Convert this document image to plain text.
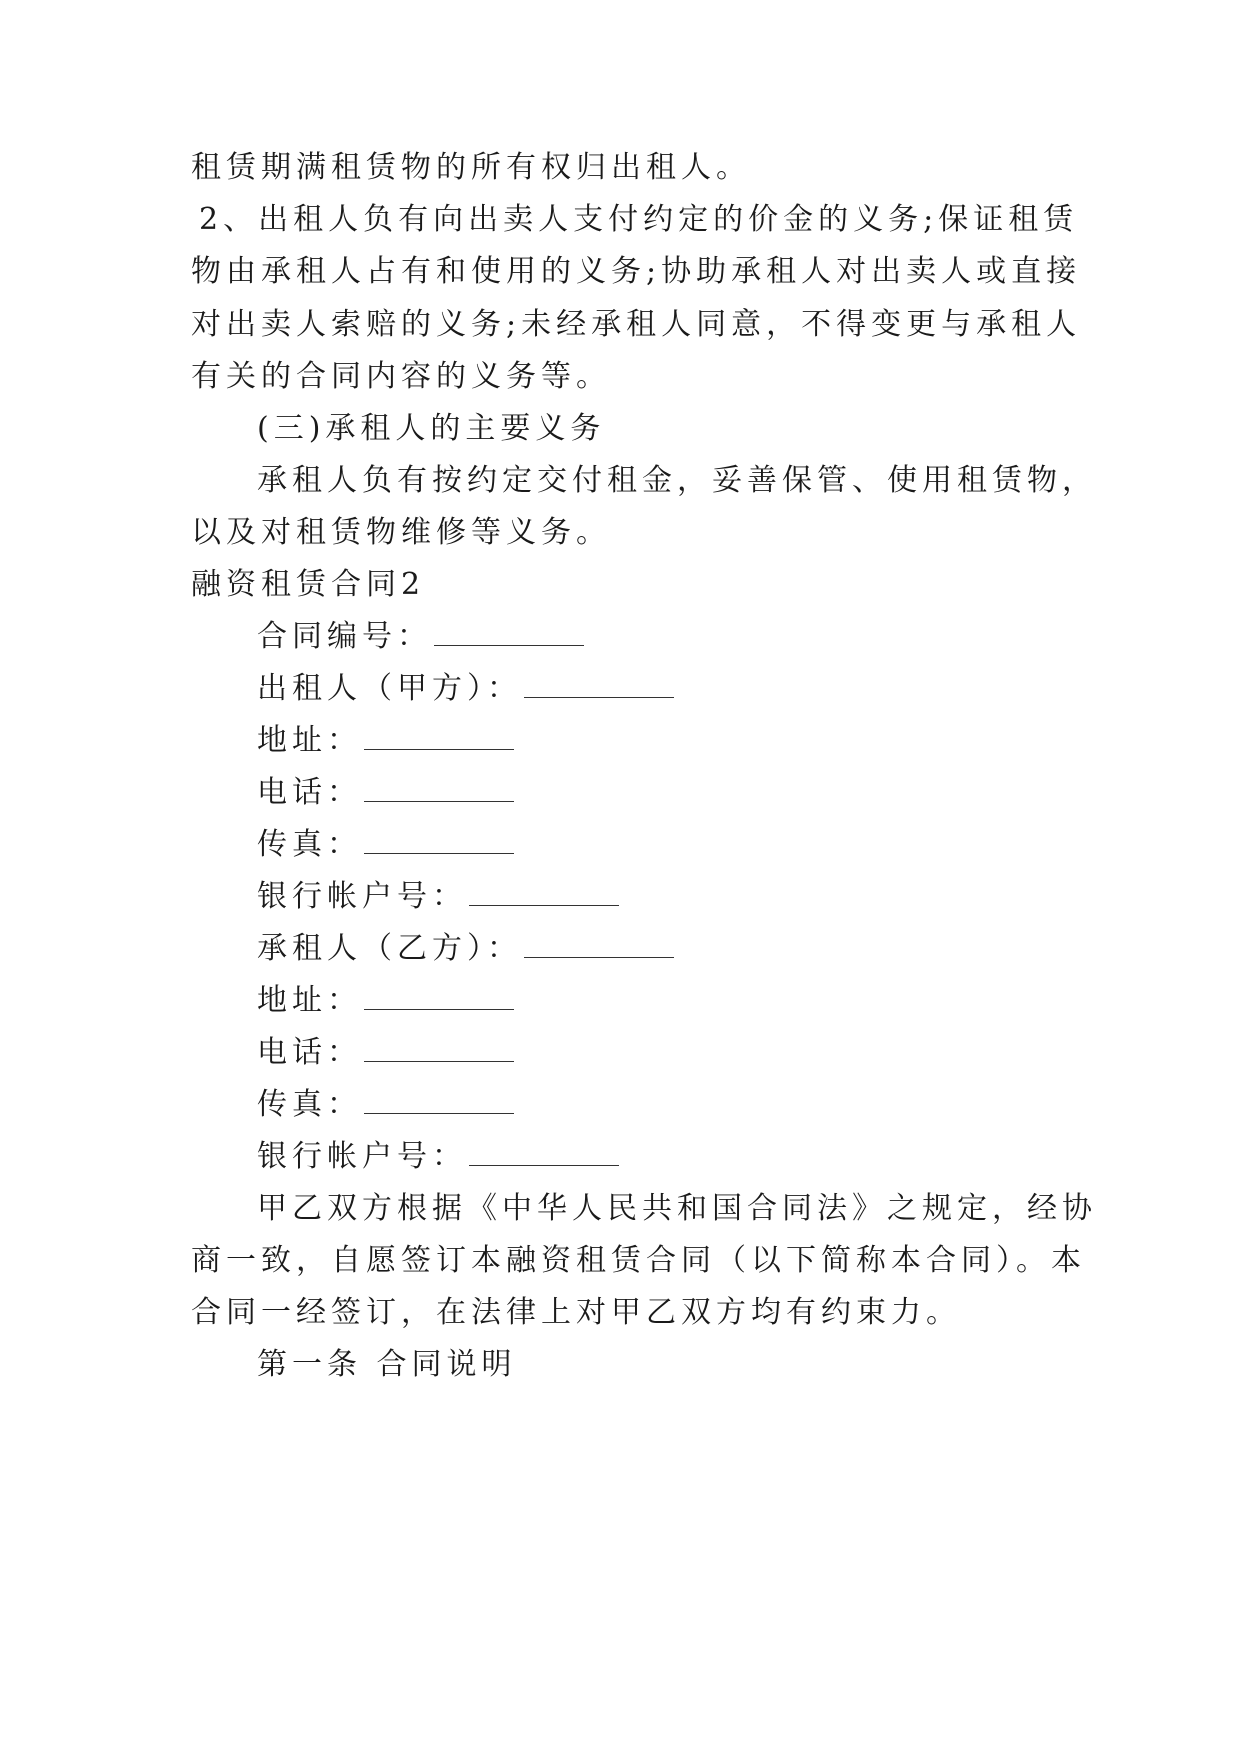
租赁期满租赁物的所有权归出租人。
2、出租人负有向出卖人支付约定的价金的义务;保证租赁
物由承租人占有和使用的义务;协助承租人对出卖人或直接
对出卖人索赔的义务;未经承租人同意，不得变更与承租人
有关的合同内容的义务等。
(三)承租人的主要义务
承租人负有按约定交付租金，妥善保管、使用租赁物，
以及对租赁物维修等义务。
融资租赁合同2
合同编号：
出租人（甲方）：
地址：
电话：
传真：
银行帐户号：
承租人（乙方）：
地址：
电话：
传真：
银行帐户号：
甲乙双方根据《中华人民共和国合同法》之规定，经协
商一致，自愿签订本融资租赁合同（以下简称本合同）。本
合同一经签订，在法律上对甲乙双方均有约束力。
第一条 合同说明
